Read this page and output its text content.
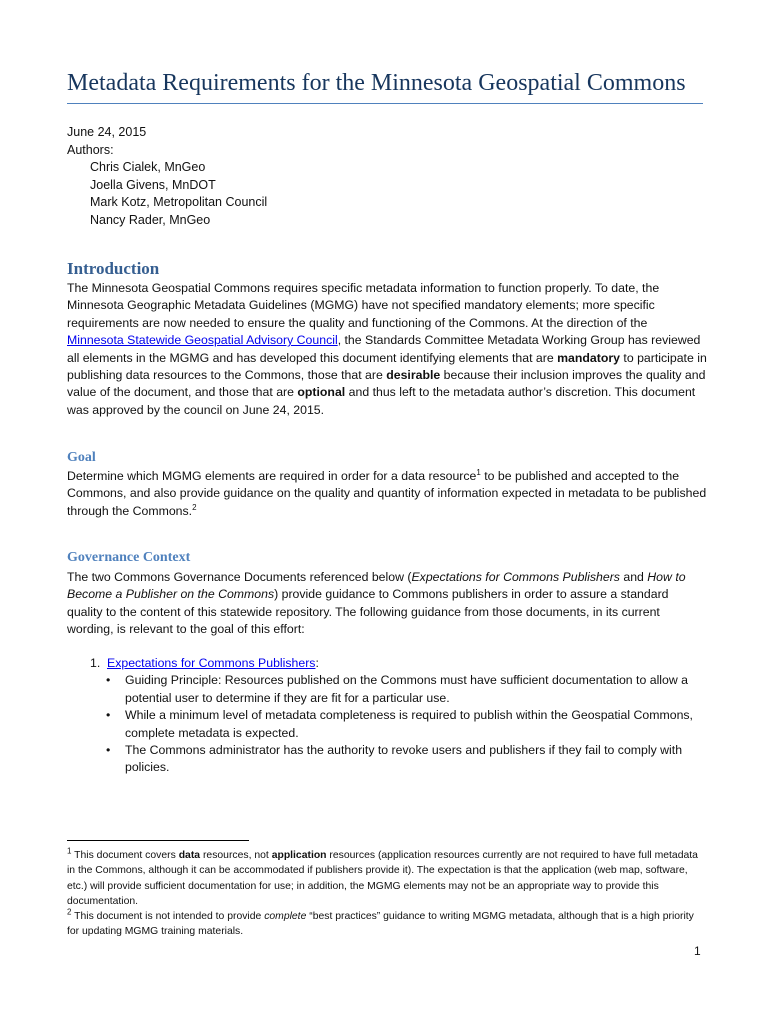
Metadata Requirements for the Minnesota Geospatial Commons
June 24, 2015
Authors:
Chris Cialek, MnGeo
Joella Givens, MnDOT
Mark Kotz, Metropolitan Council
Nancy Rader, MnGeo
Introduction

The Minnesota Geospatial Commons requires specific metadata information to function properly. To date, the Minnesota Geographic Metadata Guidelines (MGMG) have not specified mandatory elements; more specific requirements are now needed to ensure the quality and functioning of the Commons. At the direction of the Minnesota Statewide Geospatial Advisory Council, the Standards Committee Metadata Working Group has reviewed all elements in the MGMG and has developed this document identifying elements that are mandatory to participate in publishing data resources to the Commons, those that are desirable because their inclusion improves the quality and value of the document, and those that are optional and thus left to the metadata author’s discretion. This document was approved by the council on June 24, 2015.

Goal

Determine which MGMG elements are required in order for a data resource$^1$ to be published and accepted to the Commons, and also provide guidance on the quality and quantity of information expected in metadata to be published through the Commons.$^2$

Governance Context

The two Commons Governance Documents referenced below (Expectations for Commons Publishers and How to Become a Publisher on the Commons) provide guidance to Commons publishers in order to assure a standard quality to the content of this statewide repository. The following guidance from those documents, in its current wording, is relevant to the goal of this effort:

1. Expectations for Commons Publishers:
• Guiding Principle: Resources published on the Commons must have sufficient documentation to allow a potential user to determine if they are fit for a particular use.
• While a minimum level of metadata completeness is required to publish within the Geospatial Commons, complete metadata is expected.
• The Commons administrator has the authority to revoke users and publishers if they fail to comply with policies.

$^1$ This document covers data resources, not application resources (application resources currently are not required to have full metadata in the Commons, although it can be accommodated if publishers provide it). The expectation is that the application (web map, software, etc.) will provide sufficient documentation for use; in addition, the MGMG elements may not be an appropriate way to provide this documentation.

$^2$ This document is not intended to provide complete “best practices” guidance to writing MGMG metadata, although that is a high priority for updating MGMG training materials.

1
